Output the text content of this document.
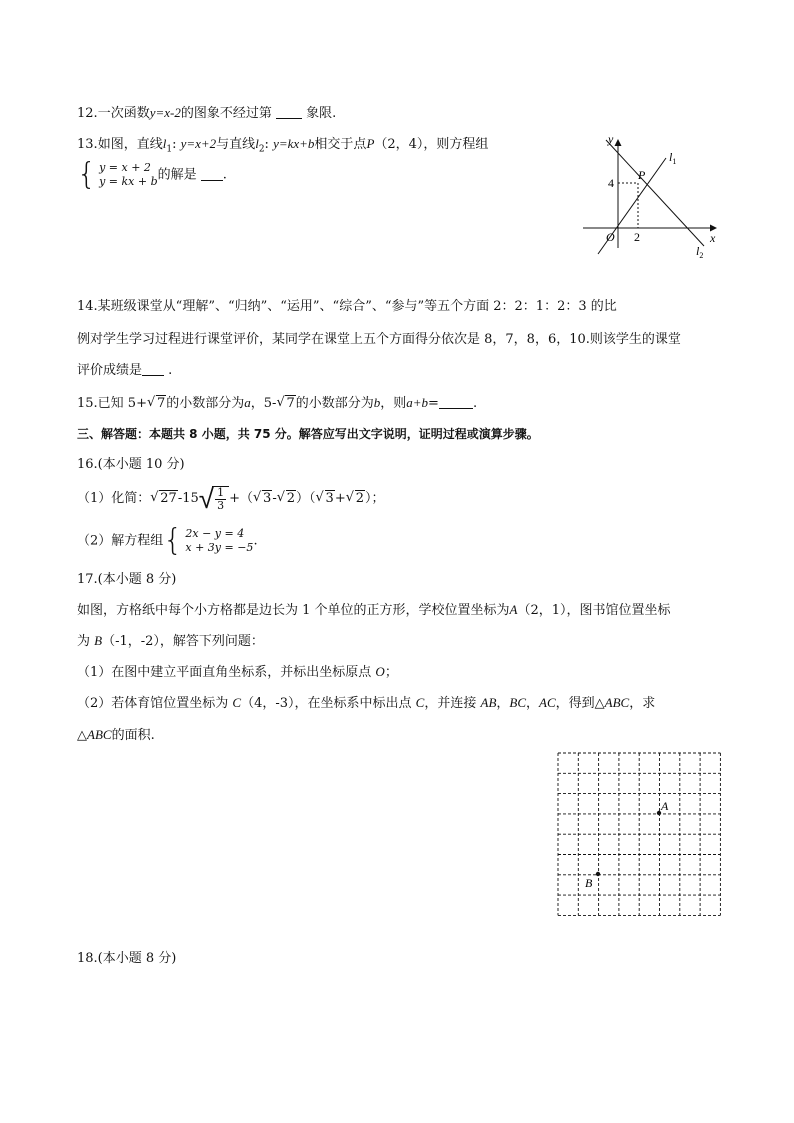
12.一次函数y=x-2的图象不经过第	象限.
13.如图，直线$l_1$: y=x+2与直线$l_2$: y=kx+b相交于点P（2，4），则方程组
{ y = x + 2
y = kx + b 的解是 .
y
x
O
P
2
4
$l_1$
$l_2$
14.某班级课堂从“理解”、“归纳”、“运用”、“综合”、“参与”等五个方面 2：2：1：2：3 的比
例对学生学习过程进行课堂评价，某同学在课堂上五个方面得分依次是 8，7，8，6，10.则该学生的课堂
评价成绩是 .
15.已知 5+ √ 7的小数部分为a，5- √ 7的小数部分为b，则a+b=	.
三、解答题：本题共 8 小题，共 75 分。解答应写出文字说明，证明过程或演算步骤。
16.(本小题 10 分)
（1）化简： √ 27-15 √
$\frac{1}{3}$ +（ √ 3- √ 2）（ √ 3+ √ 2）；
（2）解方程组 { 2x − y = 4
x + 3y = −5 .
17.(本小题 8 分)
如图，方格纸中每个小方格都是边长为 1 个单位的正方形，学校位置坐标为A（2，1），图书馆位置坐标
为 B（-1，-2），解答下列问题：
（1）在图中建立平面直角坐标系，并标出坐标原点 O；
（2）若体育馆位置坐标为 C（4，-3），在坐标系中标出点 C，并连接 AB，BC，AC，得到△ABC，求
△ABC的面积.
A
B
18.(本小题 8 分)
